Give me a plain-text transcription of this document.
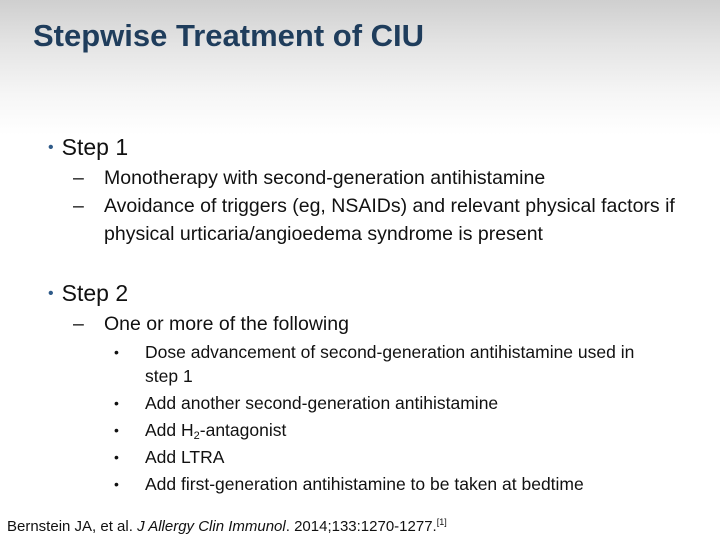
Stepwise Treatment of CIU
• Step 1
– Monotherapy with second-generation antihistamine
– Avoidance of triggers (eg, NSAIDs) and relevant physical factors if physical urticaria/angioedema syndrome is present
• Step 2
– One or more of the following
• Dose advancement of second-generation antihistamine used in step 1
• Add another second-generation antihistamine
• Add $H_2$-antagonist
• Add LTRA
• Add first-generation antihistamine to be taken at bedtime
Bernstein JA, et al. J Allergy Clin Immunol. 2014;133:1270-1277.[1]
